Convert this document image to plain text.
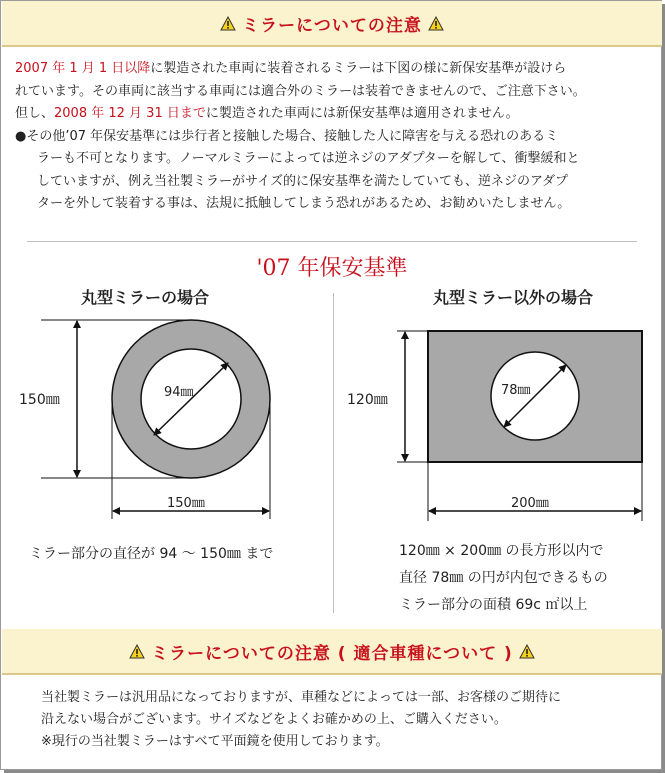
ミラーについての注意
2007 年 1 月 1 日以降に製造された車両に装着されるミラーは下図の様に新保安基準が設けら
れています。その車両に該当する車両には適合外のミラーは装着できませんので、ご注意下さい。
但し、2008 年 12 月 31 日までに製造された車両には新保安基準は適用されません。
●その他’07 年保安基準には歩行者と接触した場合、接触した人に障害を与える恐れのあるミ
ラーも不可となります。ノーマルミラーによっては逆ネジのアダプターを解して、衝撃緩和と
していますが、例え当社製ミラーがサイズ的に保安基準を満たしていても、逆ネジのアダプ
ターを外して装着する事は、法規に抵触してしまう恐れがあるため、お勧めいたしません。
'07 年保安基準
丸型ミラーの場合	丸型ミラー以外の場合
150㎜	94㎜
150㎜
120㎜
78㎜
200㎜
ミラー部分の直径が 94 ～ 150㎜ まで	120㎜ × 200㎜ の長方形以内で
直径 78㎜ の円が内包できるもの
ミラー部分の面積 69c ㎡以上
ミラーについての注意 ( 適合車種について )
当社製ミラーは汎用品になっておりますが、車種などによっては一部、お客様のご期待に
沿えない場合がございます。サイズなどをよくお確かめの上、ご購入ください。
※現行の当社製ミラーはすべて平面鏡を使用しております。
